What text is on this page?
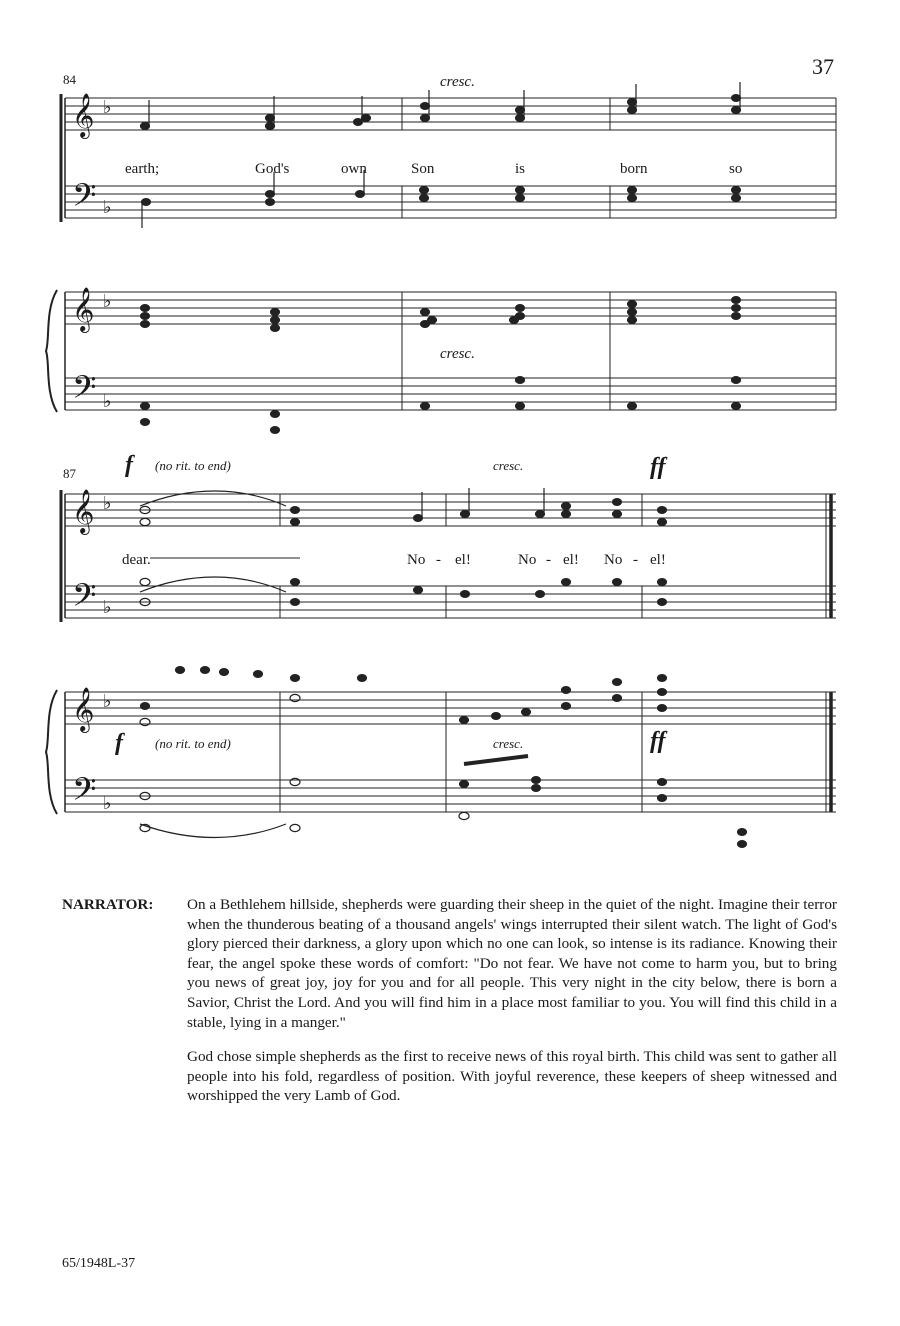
37
𝄞
𝄢
𝄞
𝄢
♭
♭
♭
♭
84	cresc.
cresc.
earth;	God's	own	Son	is	born	so
𝄞
𝄢
𝄞
𝄢
♭
♭
♭
♭
87 f (no rit. to end)	cresc.	ff
f (no rit. to end)	cresc.	ff
dear.	No - el!	No - el! No - el!
NARRATOR: On a Bethlehem hillside, shepherds were guarding their sheep in the quiet of the night. Imagine their terror when the thunderous beating of a thousand angels' wings interrupted their silent watch. The light of God's glory pierced their darkness, a glory upon which no one can look, so intense is its radiance. Knowing their fear, the angel spoke these words of comfort: "Do not fear. We have not come to harm you, but to bring you news of great joy, joy for you and for all people. This very night in the city below, there is born a Savior, Christ the Lord. And you will find him in a place most familiar to you. You will find this child in a stable, lying in a manger."

God chose simple shepherds as the first to receive news of this royal birth. This child was sent to gather all people into his fold, regardless of position. With joyful reverence, these keepers of sheep witnessed and worshipped the very Lamb of God.

65/1948L-37
